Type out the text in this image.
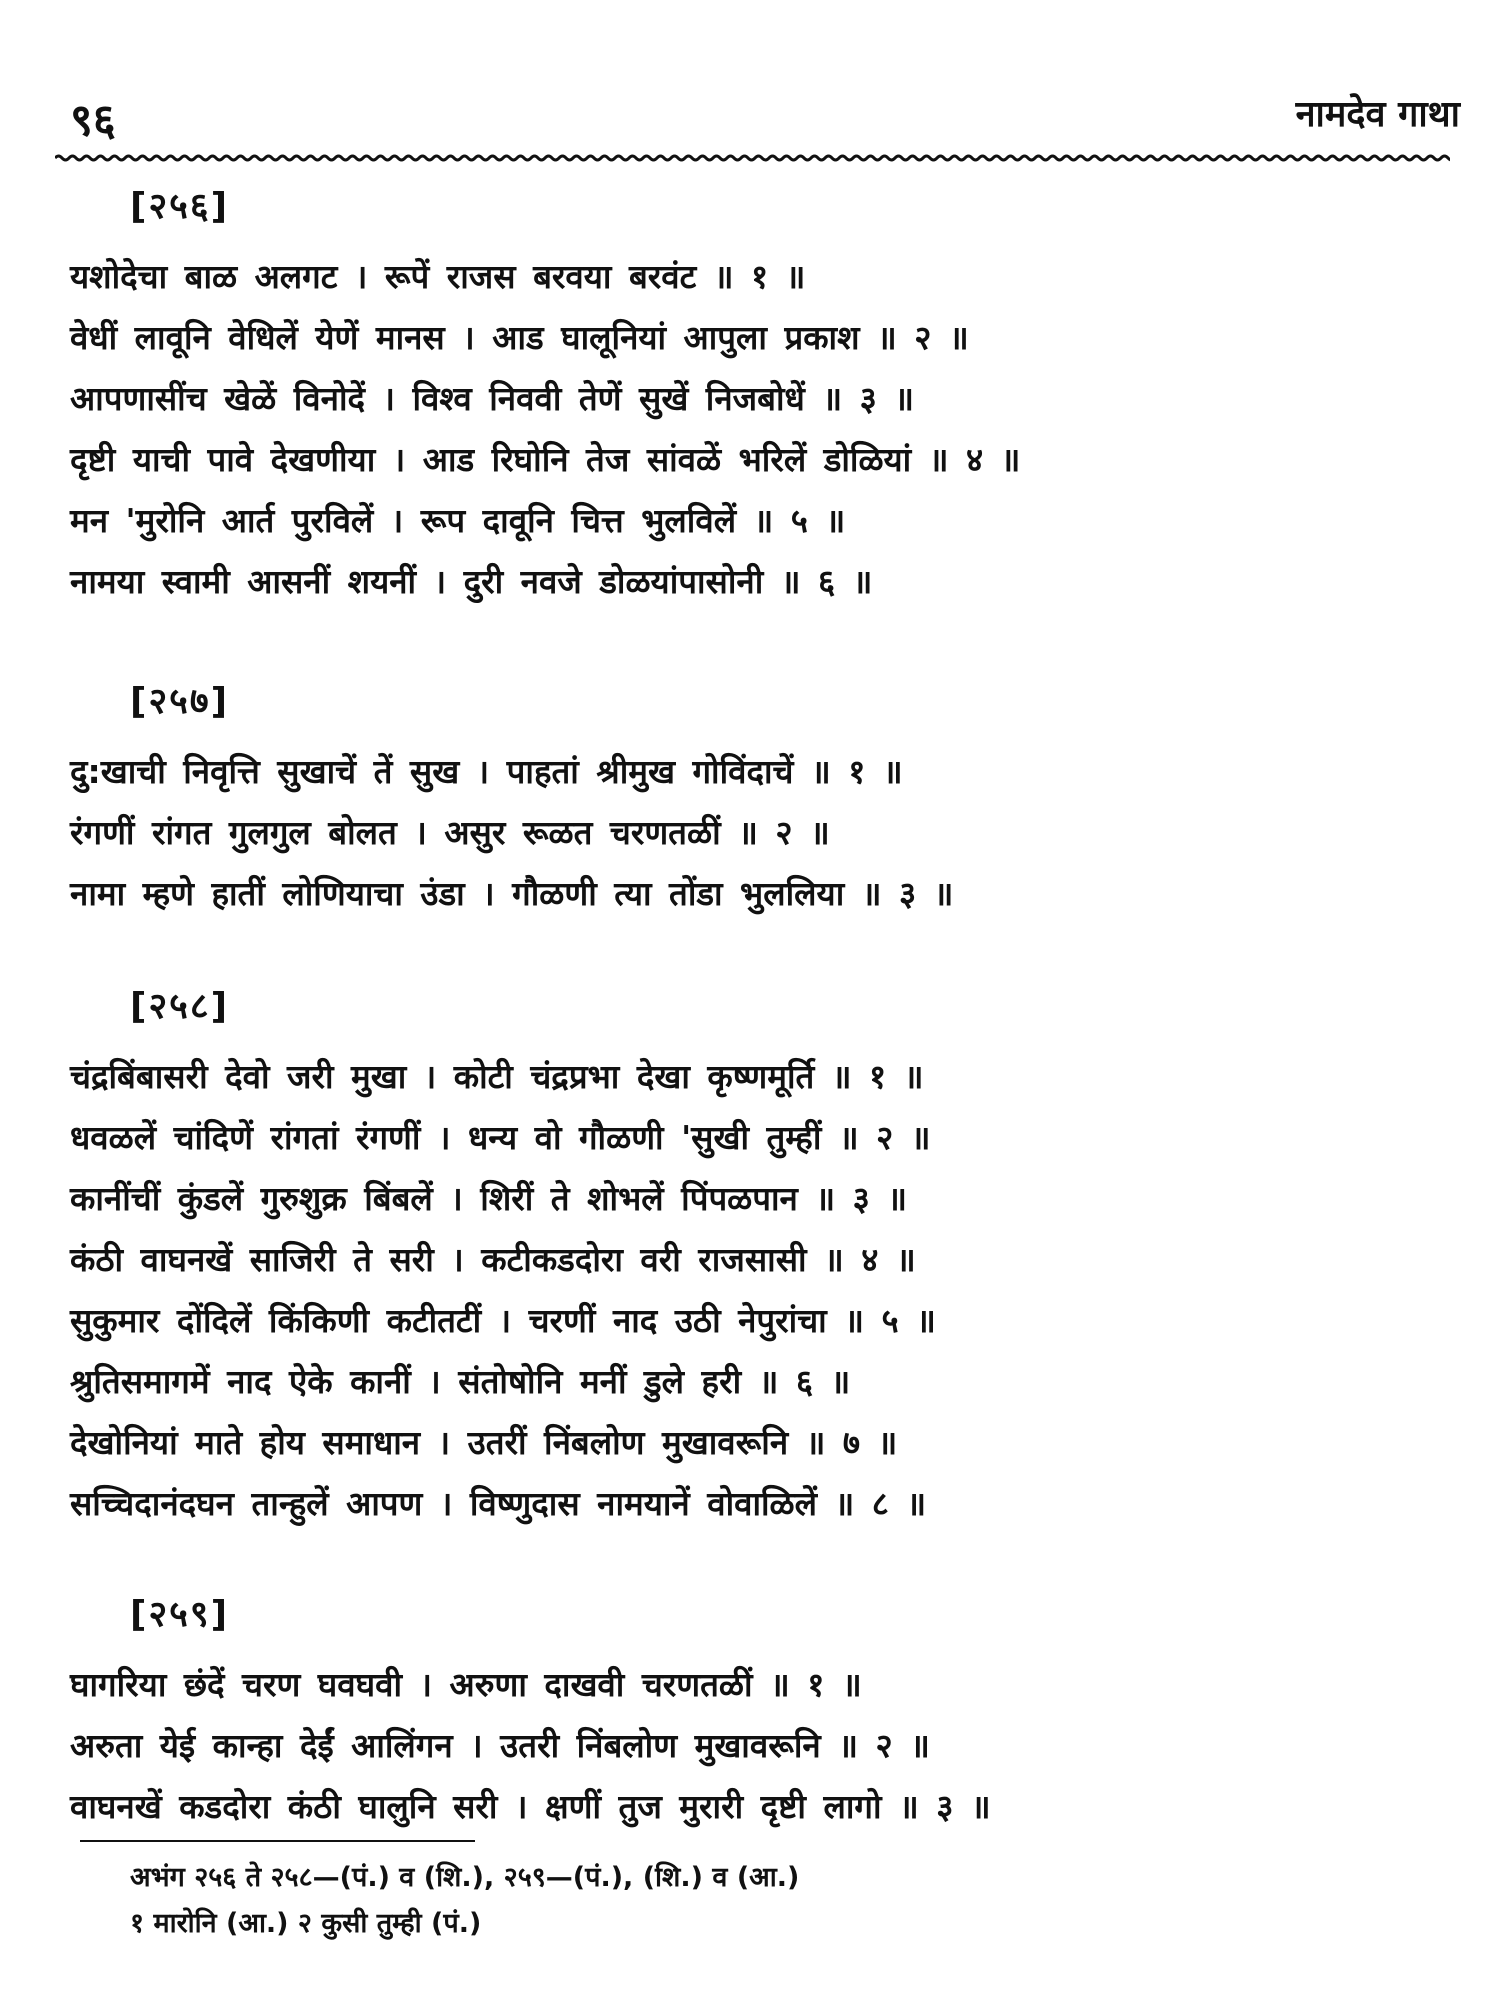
९६	नामदेव गाथा
[२५६]
यशोदेचा बाळ अलगट । रूपें राजस बरवया बरवंट ॥ १ ॥
वेधीं लावूनि वेधिलें येणें मानस । आड घालूनियां आपुला प्रकाश ॥ २ ॥
आपणासींच खेळें विनोदें । विश्व निववी तेणें सुखें निजबोधें ॥ ३ ॥
दृष्टी याची पावे देखणीया । आड रिघोनि तेज सांवळें भरिलें डोळियां ॥ ४ ॥
मन 'मुरोनि आर्त पुरविलें । रूप दावूनि चित्त भुलविलें ॥ ५ ॥
नामया स्वामी आसनीं शयनीं । दुरी नवजे डोळयांपासोनी ॥ ६ ॥
[२५७]
दु:खाची निवृत्ति सुखाचें तें सुख । पाहतां श्रीमुख गोविंदाचें ॥ १ ॥
रंगणीं रांगत गुलगुल बोलत । असुर रूळत चरणतळीं ॥ २ ॥
नामा म्हणे हातीं लोणियाचा उंडा । गौळणी त्या तोंडा भुललिया ॥ ३ ॥
[२५८]
चंद्रबिंबासरी देवो जरी मुखा । कोटी चंद्रप्रभा देखा कृष्णमूर्ति ॥ १ ॥
धवळलें चांदिणें रांगतां रंगणीं । धन्य वो गौळणी 'सुखी तुम्हीं ॥ २ ॥
कानींचीं कुंडलें गुरुशुक्र बिंबलें । शिरीं ते शोभलें पिंपळपान ॥ ३ ॥
कंठी वाघनखें साजिरी ते सरी । कटीकडदोरा वरी राजसासी ॥ ४ ॥
सुकुमार दोंदिलें किंकिणी कटीतटीं । चरणीं नाद उठी नेपुरांचा ॥ ५ ॥
श्रुतिसमागमें नाद ऐके कानीं । संतोषोनि मनीं डुले हरी ॥ ६ ॥
देखोनियां माते होय समाधान । उतरीं निंबलोण मुखावरूनि ॥ ७ ॥
सच्चिदानंदघन तान्हुलें आपण । विष्णुदास नामयानें वोवाळिलें ॥ ८ ॥
[२५९]
घागरिया छंदें चरण घवघवी । अरुणा दाखवी चरणतळीं ॥ १ ॥
अरुता येई कान्हा देईं आलिंगन । उतरी निंबलोण मुखावरूनि ॥ २ ॥
वाघनखें कडदोरा कंठी घालुनि सरी । क्षणीं तुज मुरारी दृष्टी लागो ॥ ३ ॥
अभंग २५६ ते २५८—(पं.) व (शि.), २५९—(पं.), (शि.) व (आ.)
१ मारोनि (आ.) २ कुसी तुम्ही (पं.)
